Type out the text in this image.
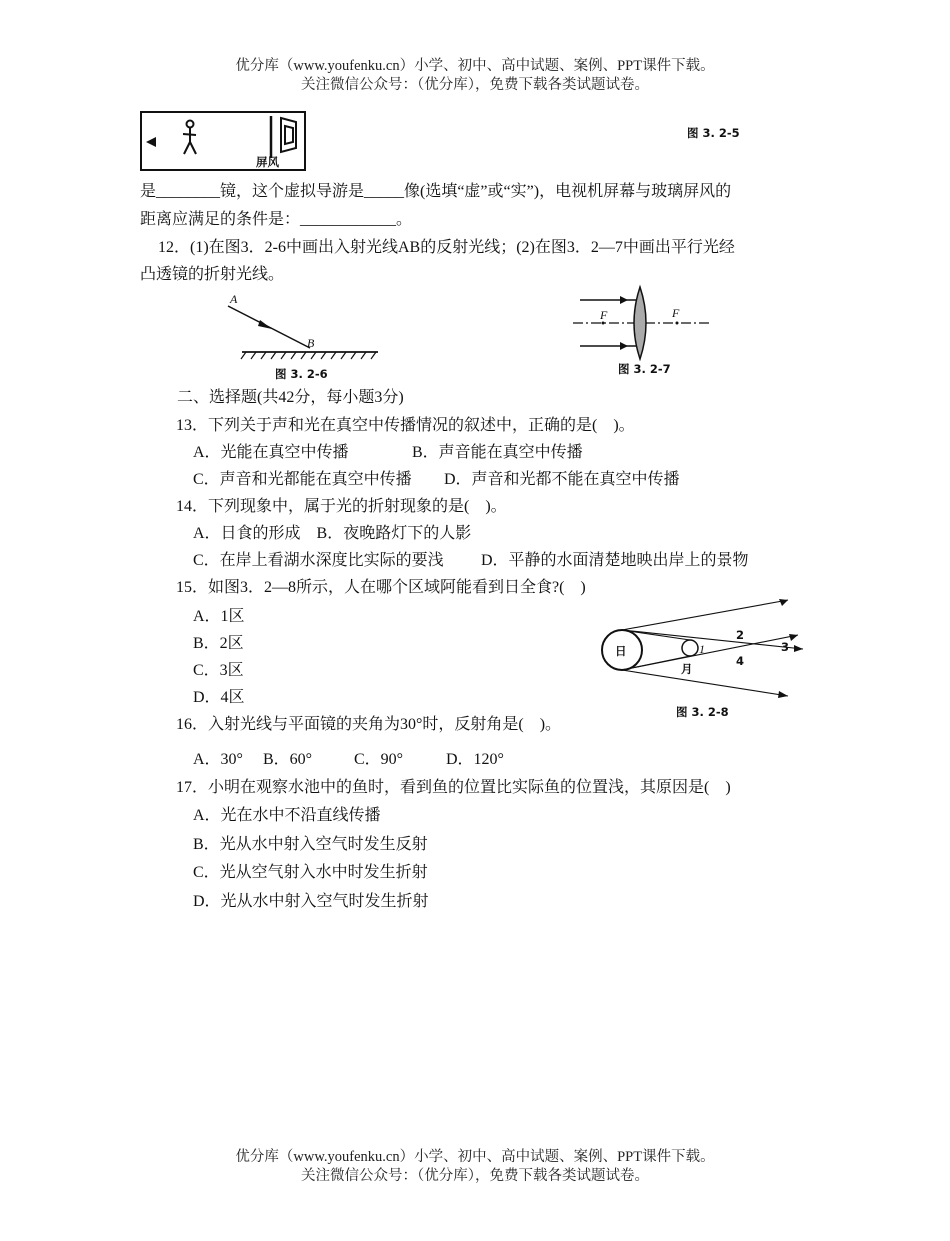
优分库（www.youfenku.cn）小学、初中、高中试题、案例、PPT课件下载。
关注微信公众号：（优分库），免费下载各类试题试卷。
屏风
图 3. 2-5
是________镜，这个虚拟导游是_____像(选填“虚”或“实”)，电视机屏幕与玻璃屏风的
距离应满足的条件是：____________。
12．(1)在图3．2-6中画出入射光线AB的反射光线；(2)在图3．2—7中画出平行光经
凸透镜的折射光线。
A
B
图 3. 2-6
F	F
图 3. 2-7
二、选择题(共42分，每小题3分)
13．下列关于声和光在真空中传播情况的叙述中，正确的是(　)。
A．光能在真空中传播	B．声音能在真空中传播
C．声音和光都能在真空中传播 D．声音和光都不能在真空中传播
14．下列现象中，属于光的折射现象的是(　)。
A．日食的形成　B．夜晚路灯下的人影
C．在岸上看湖水深度比实际的要浅 D．平静的水面清楚地映出岸上的景物
15．如图3．2—8所示，人在哪个区域阿能看到日全食?(　)
A．1区
B．2区
C．3区
D．4区
日
月
1
2
3
4
图 3. 2-8
16．入射光线与平面镜的夹角为30°时，反射角是(　)。
A．30° B．60°	C．90°	D．120°
17．小明在观察水池中的鱼时，看到鱼的位置比实际鱼的位置浅，其原因是(　)
A．光在水中不沿直线传播
B．光从水中射入空气时发生反射
C．光从空气射入水中时发生折射
D．光从水中射入空气时发生折射
优分库（www.youfenku.cn）小学、初中、高中试题、案例、PPT课件下载。
关注微信公众号：（优分库），免费下载各类试题试卷。
